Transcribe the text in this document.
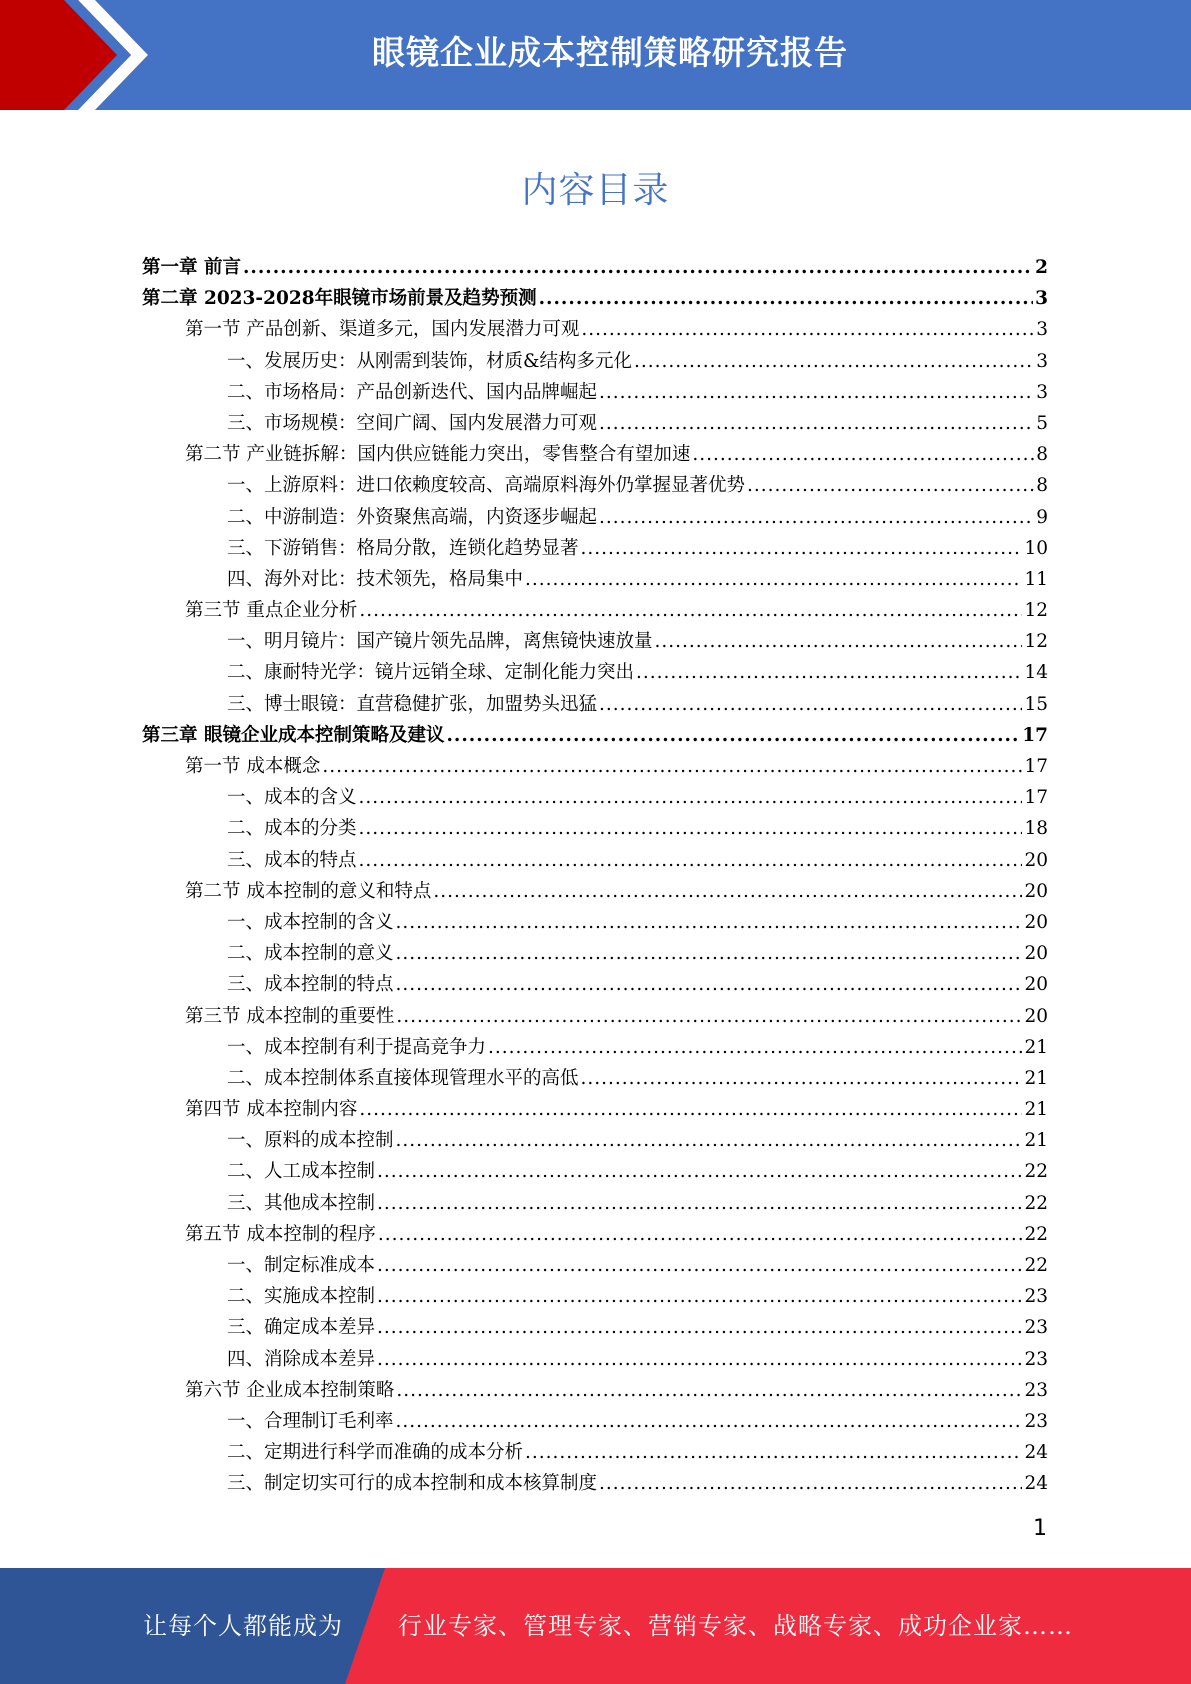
眼镜企业成本控制策略研究报告
内容目录
第一章 前言 .....	2
第二章 2023-2028年眼镜市场前景及趋势预测 .....	3
第一节 产品创新、渠道多元，国内发展潜力可观 .....	3
一、发展历史：从刚需到装饰，材质&结构多元化 .....	3
二、市场格局：产品创新迭代、国内品牌崛起 .....	3
三、市场规模：空间广阔、国内发展潜力可观 .....	5
第二节 产业链拆解：国内供应链能力突出，零售整合有望加速 .....	8
一、上游原料：进口依赖度较高、高端原料海外仍掌握显著优势 .....	8
二、中游制造：外资聚焦高端，内资逐步崛起 .....	9
三、下游销售：格局分散，连锁化趋势显著 .....	10
四、海外对比：技术领先，格局集中 .....	11
第三节 重点企业分析 .....	12
一、明月镜片：国产镜片领先品牌，离焦镜快速放量 .....	12
二、康耐特光学：镜片远销全球、定制化能力突出 .....	14
三、博士眼镜：直营稳健扩张，加盟势头迅猛 .....	15
第三章 眼镜企业成本控制策略及建议 .....	17
第一节 成本概念 .....	17
一、成本的含义 .....	17
二、成本的分类 .....	18
三、成本的特点 .....	20
第二节 成本控制的意义和特点 .....	20
一、成本控制的含义 .....	20
二、成本控制的意义 .....	20
三、成本控制的特点 .....	20
第三节 成本控制的重要性 .....	20
一、成本控制有利于提高竞争力 .....	21
二、成本控制体系直接体现管理水平的高低 .....	21
第四节 成本控制内容 .....	21
一、原料的成本控制 .....	21
二、人工成本控制 .....	22
三、其他成本控制 .....	22
第五节 成本控制的程序 .....	22
一、制定标准成本 .....	22
二、实施成本控制 .....	23
三、确定成本差异 .....	23
四、消除成本差异 .....	23
第六节 企业成本控制策略 .....	23
一、合理制订毛利率 .....	23
二、定期进行科学而准确的成本分析 .....	24
三、制定切实可行的成本控制和成本核算制度 .....	24
1
让每个人都能成为 行业专家、管理专家、营销专家、战略专家、成功企业家……
